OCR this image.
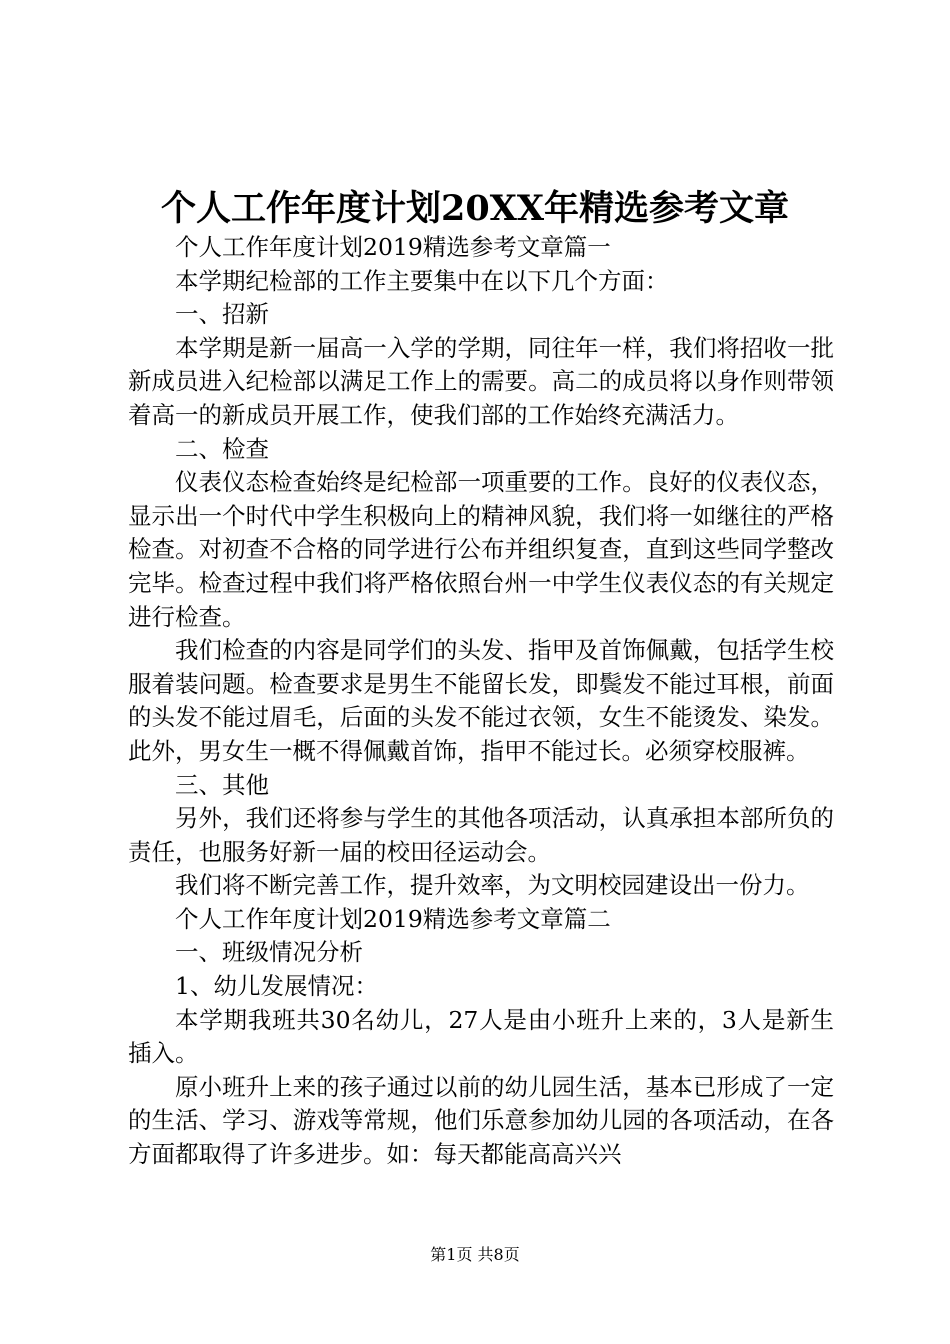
个人工作年度计划20XX年精选参考文章

个人工作年度计划2019精选参考文章篇一

本学期纪检部的工作主要集中在以下几个方面：

一、招新

本学期是新一届高一入学的学期，同往年一样，我们将招收一批新成员进入纪检部以满足工作上的需要。高二的成员将以身作则带领着高一的新成员开展工作，使我们部的工作始终充满活力。

二、检查

仪表仪态检查始终是纪检部一项重要的工作。良好的仪表仪态，显示出一个时代中学生积极向上的精神风貌，我们将一如继往的严格检查。对初查不合格的同学进行公布并组织复查，直到这些同学整改完毕。检查过程中我们将严格依照台州一中学生仪表仪态的有关规定进行检查。

我们检查的内容是同学们的头发、指甲及首饰佩戴，包括学生校服着装问题。检查要求是男生不能留长发，即鬓发不能过耳根，前面的头发不能过眉毛，后面的头发不能过衣领，女生不能烫发、染发。此外，男女生一概不得佩戴首饰，指甲不能过长。必须穿校服裤。

三、其他

另外，我们还将参与学生的其他各项活动，认真承担本部所负的责任，也服务好新一届的校田径运动会。

我们将不断完善工作，提升效率，为文明校园建设出一份力。

个人工作年度计划2019精选参考文章篇二

一、班级情况分析

1、幼儿发展情况：

本学期我班共30名幼儿，27人是由小班升上来的，3人是新生插入。

原小班升上来的孩子通过以前的幼儿园生活，基本已形成了一定的生活、学习、游戏等常规，他们乐意参加幼儿园的各项活动，在各方面都取得了许多进步。如：每天都能高高兴兴

第1页 共8页
